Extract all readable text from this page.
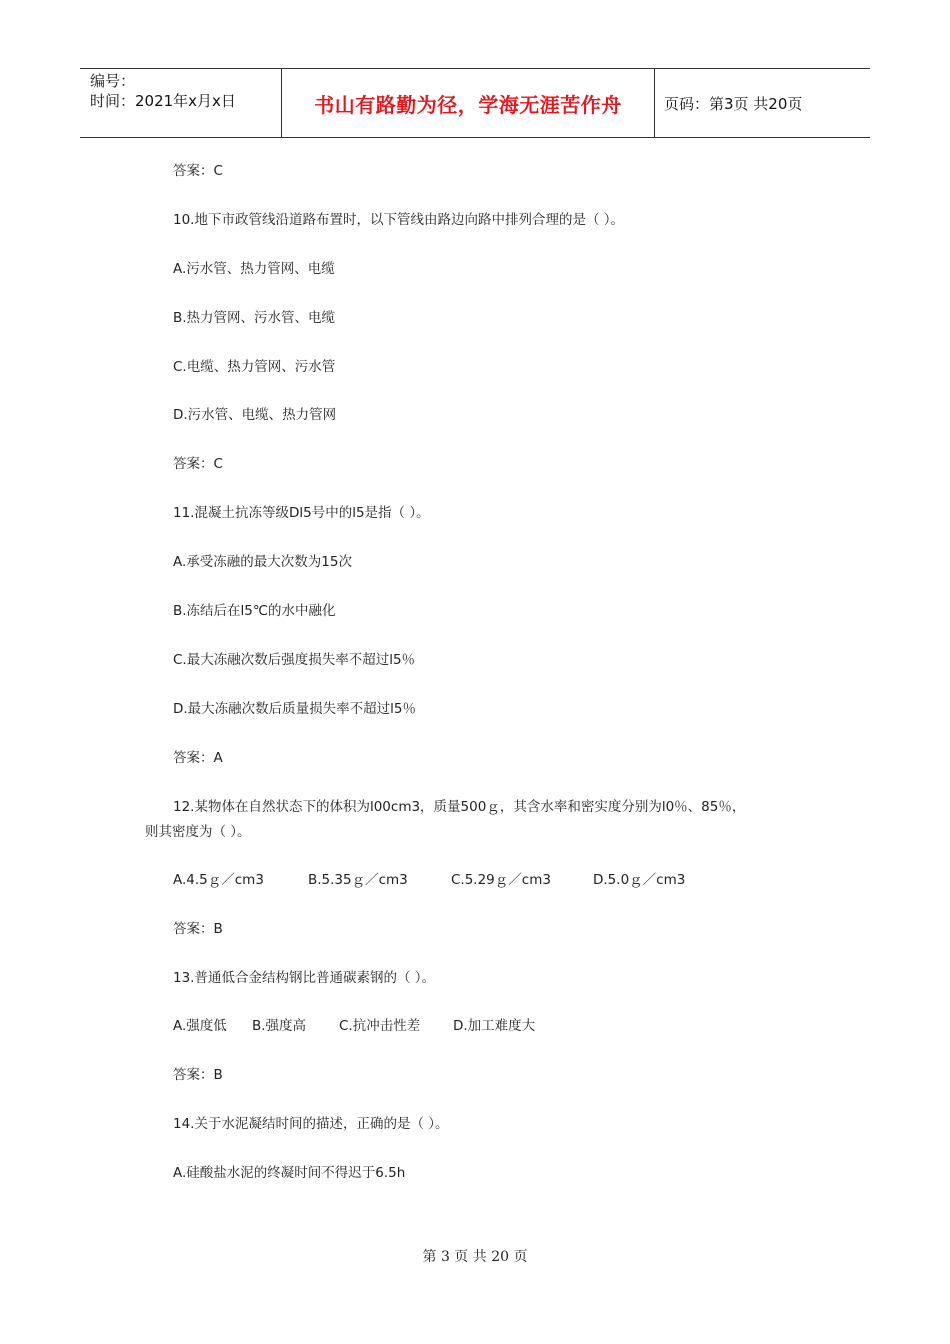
编号：
时间：2021年x月x日	书山有路勤为径，学海无涯苦作舟	页码：第3页 共20页
答案：C
10.地下市政管线沿道路布置时，以下管线由路边向路中排列合理的是（ ）。
A.污水管、热力管网、电缆
B.热力管网、污水管、电缆
C.电缆、热力管网、污水管
D.污水管、电缆、热力管网
答案：C
11.混凝土抗冻等级Dl5号中的l5是指（ ）。
A.承受冻融的最大次数为15次
B.冻结后在l5℃的水中融化
C.最大冻融次数后强度损失率不超过l5％
D.最大冻融次数后质量损失率不超过l5％
答案：A
12.某物体在自然状态下的体积为l00cm3，质量500ｇ，其含水率和密实度分别为l0％、85％，
则其密度为（ ）。
A.4.5ｇ／cm3	B.5.35ｇ／cm3	C.5.29ｇ／cm3	D.5.0ｇ／cm3
答案：B
13.普通低合金结构钢比普通碳素钢的（ ）。
A.强度低 B.强度高 C.抗冲击性差 D.加工难度大
答案：B
14.关于水泥凝结时间的描述，正确的是（ ）。
A.硅酸盐水泥的终凝时间不得迟于6.5h
第 3 页 共 20 页
